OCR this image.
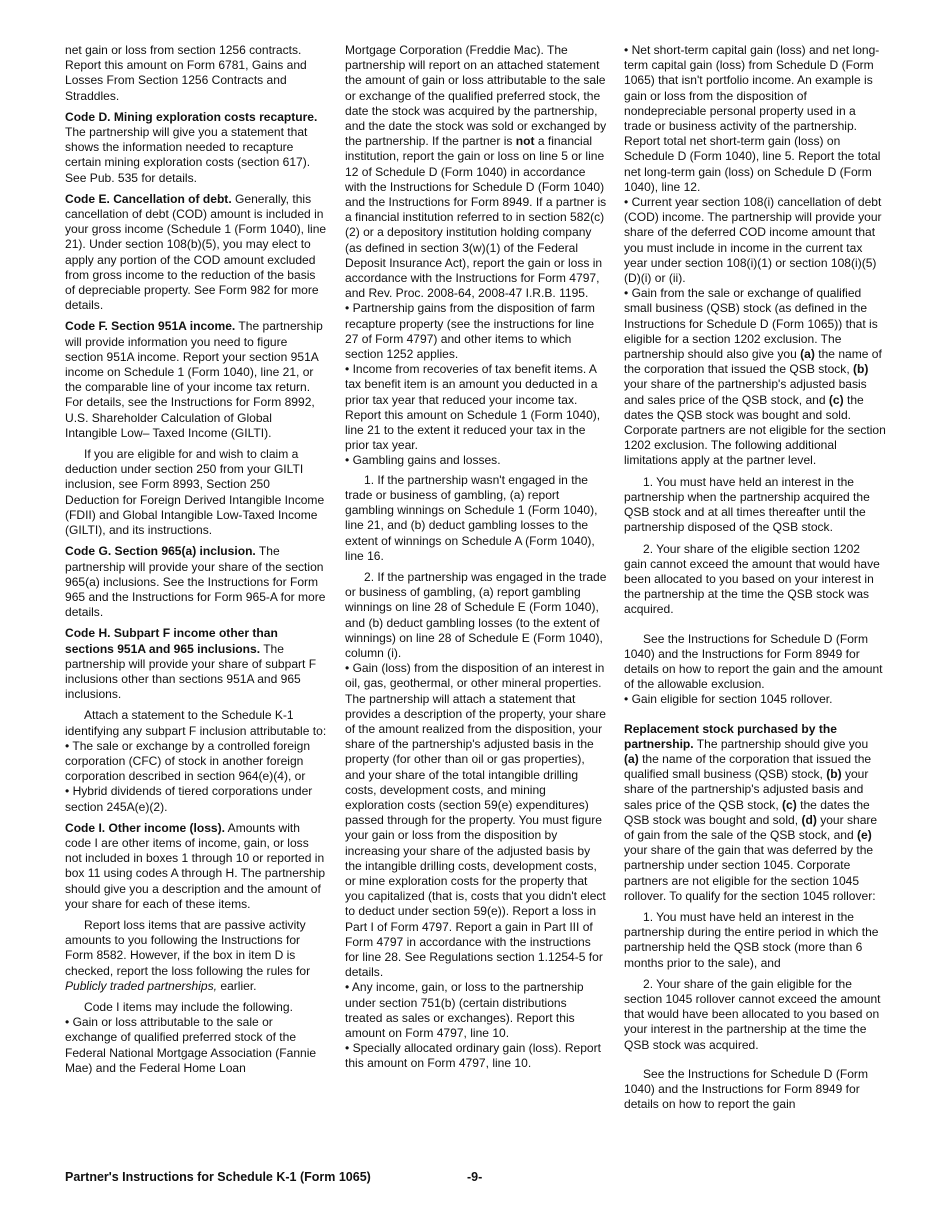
net gain or loss from section 1256 contracts. Report this amount on Form 6781, Gains and Losses From Section 1256 Contracts and Straddles.

Code D. Mining exploration costs recapture. The partnership will give you a statement that shows the information needed to recapture certain mining exploration costs (section 617). See Pub. 535 for details.

Code E. Cancellation of debt. Generally, this cancellation of debt (COD) amount is included in your gross income (Schedule 1 (Form 1040), line 21). Under section 108(b)(5), you may elect to apply any portion of the COD amount excluded from gross income to the reduction of the basis of depreciable property. See Form 982 for more details.

Code F. Section 951A income. The partnership will provide information you need to figure section 951A income. Report your section 951A income on Schedule 1 (Form 1040), line 21, or the comparable line of your income tax return. For details, see the Instructions for Form 8992, U.S. Shareholder Calculation of Global Intangible Low– Taxed Income (GILTI).

If you are eligible for and wish to claim a deduction under section 250 from your GILTI inclusion, see Form 8993, Section 250 Deduction for Foreign Derived Intangible Income (FDII) and Global Intangible Low-Taxed Income (GILTI), and its instructions.

Code G. Section 965(a) inclusion. The partnership will provide your share of the section 965(a) inclusions. See the Instructions for Form 965 and the Instructions for Form 965-A for more details.

Code H. Subpart F income other than sections 951A and 965 inclusions. The partnership will provide your share of subpart F inclusions other than sections 951A and 965 inclusions.

Attach a statement to the Schedule K-1 identifying any subpart F inclusion attributable to:

• The sale or exchange by a controlled foreign corporation (CFC) of stock in another foreign corporation described in section 964(e)(4), or

• Hybrid dividends of tiered corporations under section 245A(e)(2).

Code I. Other income (loss). Amounts with code I are other items of income, gain, or loss not included in boxes 1 through 10 or reported in box 11 using codes A through H. The partnership should give you a description and the amount of your share for each of these items.

Report loss items that are passive activity amounts to you following the Instructions for Form 8582. However, if the box in item D is checked, report the loss following the rules for Publicly traded partnerships, earlier.

Code I items may include the following.

• Gain or loss attributable to the sale or exchange of qualified preferred stock of the Federal National Mortgage Association (Fannie Mae) and the Federal Home Loan

Mortgage Corporation (Freddie Mac). The partnership will report on an attached statement the amount of gain or loss attributable to the sale or exchange of the qualified preferred stock, the date the stock was acquired by the partnership, and the date the stock was sold or exchanged by the partnership. If the partner is not a financial institution, report the gain or loss on line 5 or line 12 of Schedule D (Form 1040) in accordance with the Instructions for Schedule D (Form 1040) and the Instructions for Form 8949. If a partner is a financial institution referred to in section 582(c)(2) or a depository institution holding company (as defined in section 3(w)(1) of the Federal Deposit Insurance Act), report the gain or loss in accordance with the Instructions for Form 4797, and Rev. Proc. 2008-64, 2008-47 I.R.B. 1195.

• Partnership gains from the disposition of farm recapture property (see the instructions for line 27 of Form 4797) and other items to which section 1252 applies.

• Income from recoveries of tax benefit items. A tax benefit item is an amount you deducted in a prior tax year that reduced your income tax. Report this amount on Schedule 1 (Form 1040), line 21 to the extent it reduced your tax in the prior tax year.

• Gambling gains and losses.

1. If the partnership wasn't engaged in the trade or business of gambling, (a) report gambling winnings on Schedule 1 (Form 1040), line 21, and (b) deduct gambling losses to the extent of winnings on Schedule A (Form 1040), line 16.

2. If the partnership was engaged in the trade or business of gambling, (a) report gambling winnings on line 28 of Schedule E (Form 1040), and (b) deduct gambling losses (to the extent of winnings) on line 28 of Schedule E (Form 1040), column (i).

• Gain (loss) from the disposition of an interest in oil, gas, geothermal, or other mineral properties. The partnership will attach a statement that provides a description of the property, your share of the amount realized from the disposition, your share of the partnership's adjusted basis in the property (for other than oil or gas properties), and your share of the total intangible drilling costs, development costs, and mining exploration costs (section 59(e) expenditures) passed through for the property. You must figure your gain or loss from the disposition by increasing your share of the adjusted basis by the intangible drilling costs, development costs, or mine exploration costs for the property that you capitalized (that is, costs that you didn't elect to deduct under section 59(e)). Report a loss in Part I of Form 4797. Report a gain in Part III of Form 4797 in accordance with the instructions for line 28. See Regulations section 1.1254-5 for details.

• Any income, gain, or loss to the partnership under section 751(b) (certain distributions treated as sales or exchanges). Report this amount on Form 4797, line 10.

• Specially allocated ordinary gain (loss). Report this amount on Form 4797, line 10.

• Net short-term capital gain (loss) and net long-term capital gain (loss) from Schedule D (Form 1065) that isn't portfolio income. An example is gain or loss from the disposition of nondepreciable personal property used in a trade or business activity of the partnership. Report total net short-term gain (loss) on Schedule D (Form 1040), line 5. Report the total net long-term gain (loss) on Schedule D (Form 1040), line 12.

• Current year section 108(i) cancellation of debt (COD) income. The partnership will provide your share of the deferred COD income amount that you must include in income in the current tax year under section 108(i)(1) or section 108(i)(5)(D)(i) or (ii).

• Gain from the sale or exchange of qualified small business (QSB) stock (as defined in the Instructions for Schedule D (Form 1065)) that is eligible for a section 1202 exclusion. The partnership should also give you (a) the name of the corporation that issued the QSB stock, (b) your share of the partnership's adjusted basis and sales price of the QSB stock, and (c) the dates the QSB stock was bought and sold. Corporate partners are not eligible for the section 1202 exclusion. The following additional limitations apply at the partner level.

1. You must have held an interest in the partnership when the partnership acquired the QSB stock and at all times thereafter until the partnership disposed of the QSB stock.

2. Your share of the eligible section 1202 gain cannot exceed the amount that would have been allocated to you based on your interest in the partnership at the time the QSB stock was acquired.

See the Instructions for Schedule D (Form 1040) and the Instructions for Form 8949 for details on how to report the gain and the amount of the allowable exclusion.

• Gain eligible for section 1045 rollover.

Replacement stock purchased by the partnership. The partnership should give you (a) the name of the corporation that issued the qualified small business (QSB) stock, (b) your share of the partnership's adjusted basis and sales price of the QSB stock, (c) the dates the QSB stock was bought and sold, (d) your share of gain from the sale of the QSB stock, and (e) your share of the gain that was deferred by the partnership under section 1045. Corporate partners are not eligible for the section 1045 rollover. To qualify for the section 1045 rollover:

1. You must have held an interest in the partnership during the entire period in which the partnership held the QSB stock (more than 6 months prior to the sale), and

2. Your share of the gain eligible for the section 1045 rollover cannot exceed the amount that would have been allocated to you based on your interest in the partnership at the time the QSB stock was acquired.

See the Instructions for Schedule D (Form 1040) and the Instructions for Form 8949 for details on how to report the gain

Partner's Instructions for Schedule K-1 (Form 1065)	-9-
